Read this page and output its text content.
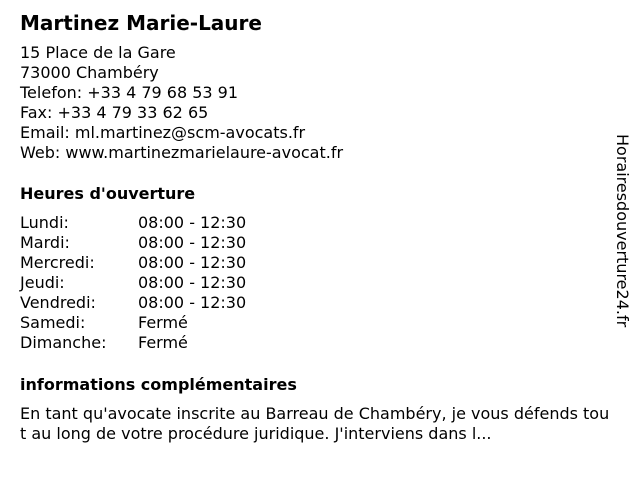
Martinez Marie-Laure
15 Place de la Gare
73000 Chambéry
Telefon: +33 4 79 68 53 91
Fax: +33 4 79 33 62 65
Email: ml.martinez@scm-avocats.fr
Web: www.martinezmarielaure-avocat.fr
Heures d'ouverture
Lundi:	08:00 - 12:30
Mardi:	08:00 - 12:30
Mercredi:	08:00 - 12:30
Jeudi:	08:00 - 12:30
Vendredi:	08:00 - 12:30
Samedi:	Fermé
Dimanche: Fermé
informations complémentaires
En tant qu'avocate inscrite au Barreau de Chambéry, je vous défends tout au long de votre procédure juridique. J'interviens dans l...
Horairesdouverture24.fr
